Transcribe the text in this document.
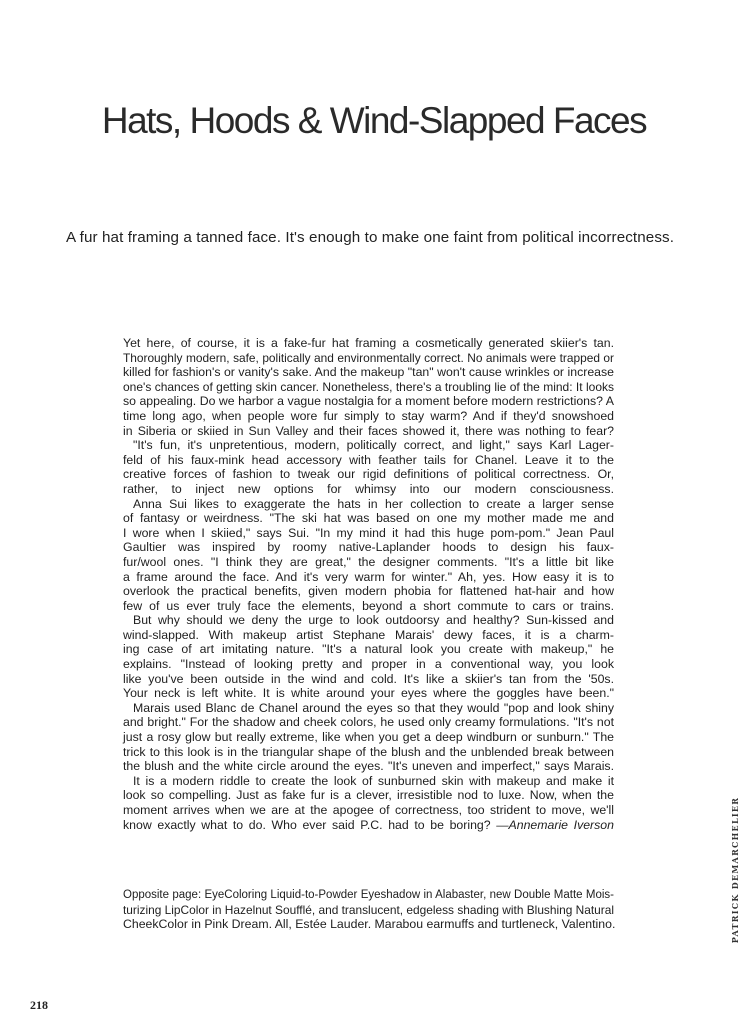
Hats, Hoods & Wind-Slapped Faces

A fur hat framing a tanned face. It's enough to make one faint from political incorrectness.

Yet here, of course, it is a fake-fur hat framing a cosmetically generated skiier's tan.
Thoroughly modern, safe, politically and environmentally correct. No animals were trapped or
killed for fashion's or vanity's sake. And the makeup "tan" won't cause wrinkles or increase
one's chances of getting skin cancer. Nonetheless, there's a troubling lie of the mind: It looks
so appealing. Do we harbor a vague nostalgia for a moment before modern restrictions? A
time long ago, when people wore fur simply to stay warm? And if they'd snowshoed
in Siberia or skiied in Sun Valley and their faces showed it, there was nothing to fear?
"It's fun, it's unpretentious, modern, politically correct, and light," says Karl Lager-
feld of his faux-mink head accessory with feather tails for Chanel. Leave it to the
creative forces of fashion to tweak our rigid definitions of political correctness. Or,
rather, to inject new options for whimsy into our modern consciousness.
Anna Sui likes to exaggerate the hats in her collection to create a larger sense
of fantasy or weirdness. "The ski hat was based on one my mother made me and
I wore when I skiied," says Sui. "In my mind it had this huge pom-pom." Jean Paul
Gaultier was inspired by roomy native-Laplander hoods to design his faux-
fur/wool ones. "I think they are great," the designer comments. "It's a little bit like
a frame around the face. And it's very warm for winter." Ah, yes. How easy it is to
overlook the practical benefits, given modern phobia for flattened hat-hair and how
few of us ever truly face the elements, beyond a short commute to cars or trains.
But why should we deny the urge to look outdoorsy and healthy? Sun-kissed and
wind-slapped. With makeup artist Stephane Marais' dewy faces, it is a charm-
ing case of art imitating nature. "It's a natural look you create with makeup," he
explains. "Instead of looking pretty and proper in a conventional way, you look
like you've been outside in the wind and cold. It's like a skiier's tan from the '50s.
Your neck is left white. It is white around your eyes where the goggles have been."
Marais used Blanc de Chanel around the eyes so that they would "pop and look shiny
and bright." For the shadow and cheek colors, he used only creamy formulations. "It's not
just a rosy glow but really extreme, like when you get a deep windburn or sunburn." The
trick to this look is in the triangular shape of the blush and the unblended break between
the blush and the white circle around the eyes. "It's uneven and imperfect," says Marais.
It is a modern riddle to create the look of sunburned skin with makeup and make it
look so compelling. Just as fake fur is a clever, irresistible nod to luxe. Now, when the
moment arrives when we are at the apogee of correctness, too strident to move, we'll
know exactly what to do. Who ever said P.C. had to be boring? —Annemarie Iverson
Opposite page: EyeColoring Liquid-to-Powder Eyeshadow in Alabaster, new Double Matte Mois-
turizing LipColor in Hazelnut Soufflé, and translucent, edgeless shading with Blushing Natural
CheekColor in Pink Dream. All, Estée Lauder. Marabou earmuffs and turtleneck, Valentino.	PATRICK DEMARCHELIER
218
